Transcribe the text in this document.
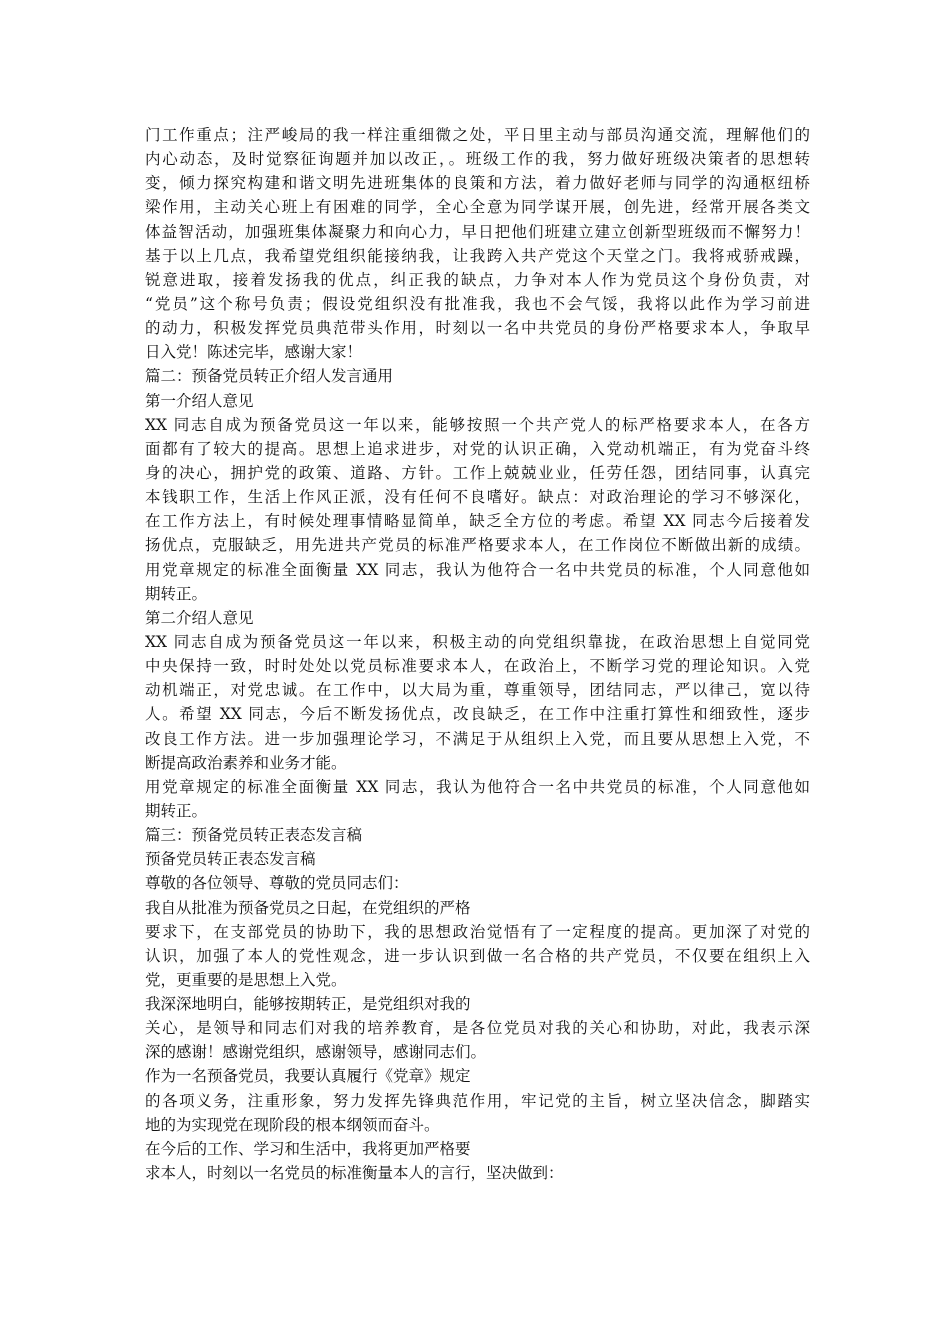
门工作重点；注严峻局的我一样注重细微之处，平日里主动与部员沟通交流，理解他们的
内心动态，及时觉察征询题并加以改正，。班级工作的我，努力做好班级决策者的思想转
变，倾力探究构建和谐文明先进班集体的良策和方法，着力做好老师与同学的沟通枢纽桥
梁作用，主动关心班上有困难的同学，全心全意为同学谋开展，创先进，经常开展各类文
体益智活动，加强班集体凝聚力和向心力，早日把他们班建立建立创新型班级而不懈努力！
基于以上几点，我希望党组织能接纳我，让我跨入共产党这个天堂之门。我将戒骄戒躁，
锐意进取，接着发扬我的优点，纠正我的缺点，力争对本人作为党员这个身份负责，对
“党员”这个称号负责；假设党组织没有批准我，我也不会气馁，我将以此作为学习前进
的动力，积极发挥党员典范带头作用，时刻以一名中共党员的身份严格要求本人，争取早
日入党！陈述完毕，感谢大家！
篇二：预备党员转正介绍人发言通用
第一介绍人意见
XX 同志自成为预备党员这一年以来，能够按照一个共产党人的标严格要求本人，在各方
面都有了较大的提高。思想上追求进步，对党的认识正确，入党动机端正，有为党奋斗终
身的决心，拥护党的政策、道路、方针。工作上兢兢业业，任劳任怨，团结同事，认真完
本钱职工作，生活上作风正派，没有任何不良嗜好。缺点：对政治理论的学习不够深化，
在工作方法上，有时候处理事情略显简单，缺乏全方位的考虑。希望 XX 同志今后接着发
扬优点，克服缺乏，用先进共产党员的标准严格要求本人，在工作岗位不断做出新的成绩。
用党章规定的标准全面衡量 XX 同志，我认为他符合一名中共党员的标准，个人同意他如
期转正。
第二介绍人意见
XX 同志自成为预备党员这一年以来，积极主动的向党组织靠拢，在政治思想上自觉同党
中央保持一致，时时处处以党员标准要求本人，在政治上，不断学习党的理论知识。入党
动机端正，对党忠诚。在工作中，以大局为重，尊重领导，团结同志，严以律己，宽以待
人。希望 XX 同志，今后不断发扬优点，改良缺乏，在工作中注重打算性和细致性，逐步
改良工作方法。进一步加强理论学习，不满足于从组织上入党，而且要从思想上入党，不
断提高政治素养和业务才能。
用党章规定的标准全面衡量 XX 同志，我认为他符合一名中共党员的标准，个人同意他如
期转正。
篇三：预备党员转正表态发言稿
预备党员转正表态发言稿
尊敬的各位领导、尊敬的党员同志们：
我自从批准为预备党员之日起，在党组织的严格
要求下，在支部党员的协助下，我的思想政治觉悟有了一定程度的提高。更加深了对党的
认识，加强了本人的党性观念，进一步认识到做一名合格的共产党员，不仅要在组织上入
党，更重要的是思想上入党。
我深深地明白，能够按期转正，是党组织对我的
关心，是领导和同志们对我的培养教育，是各位党员对我的关心和协助，对此，我表示深
深的感谢！感谢党组织，感谢领导，感谢同志们。
作为一名预备党员，我要认真履行《党章》规定
的各项义务，注重形象，努力发挥先锋典范作用，牢记党的主旨，树立坚决信念，脚踏实
地的为实现党在现阶段的根本纲领而奋斗。
在今后的工作、学习和生活中，我将更加严格要
求本人，时刻以一名党员的标准衡量本人的言行，坚决做到：
